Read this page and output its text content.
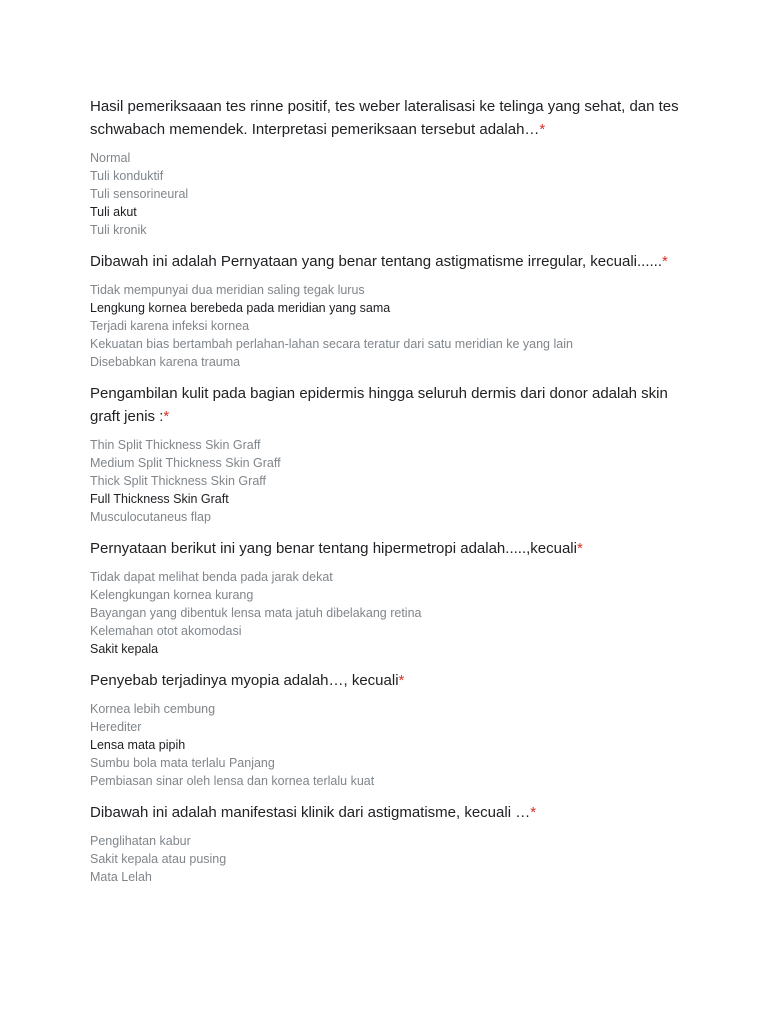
Hasil pemeriksaaan tes rinne positif, tes weber lateralisasi ke telinga yang sehat, dan tes schwabach memendek. Interpretasi pemeriksaan tersebut adalah…*

Normal
Tuli konduktif
Tuli sensorineural
Tuli akut
Tuli kronik

Dibawah ini adalah Pernyataan yang benar tentang astigmatisme irregular, kecuali......*

Tidak mempunyai dua meridian saling tegak lurus
Lengkung kornea berebeda pada meridian yang sama
Terjadi karena infeksi kornea
Kekuatan bias bertambah perlahan-lahan secara teratur dari satu meridian ke yang lain
Disebabkan karena trauma

Pengambilan kulit pada bagian epidermis hingga seluruh dermis dari donor adalah skin graft jenis :*

Thin Split Thickness Skin Graff
Medium Split Thickness Skin Graff
Thick Split Thickness Skin Graff
Full Thickness Skin Graft
Musculocutaneus flap

Pernyataan berikut ini yang benar tentang hipermetropi adalah.....,kecuali*

Tidak dapat melihat benda pada jarak dekat
Kelengkungan kornea kurang
Bayangan yang dibentuk lensa mata jatuh dibelakang retina
Kelemahan otot akomodasi
Sakit kepala

Penyebab terjadinya myopia adalah…, kecuali*

Kornea lebih cembung
Herediter
Lensa mata pipih
Sumbu bola mata terlalu Panjang
Pembiasan sinar oleh lensa dan kornea terlalu kuat

Dibawah ini adalah manifestasi klinik dari astigmatisme, kecuali …*

Penglihatan kabur
Sakit kepala atau pusing
Mata Lelah
